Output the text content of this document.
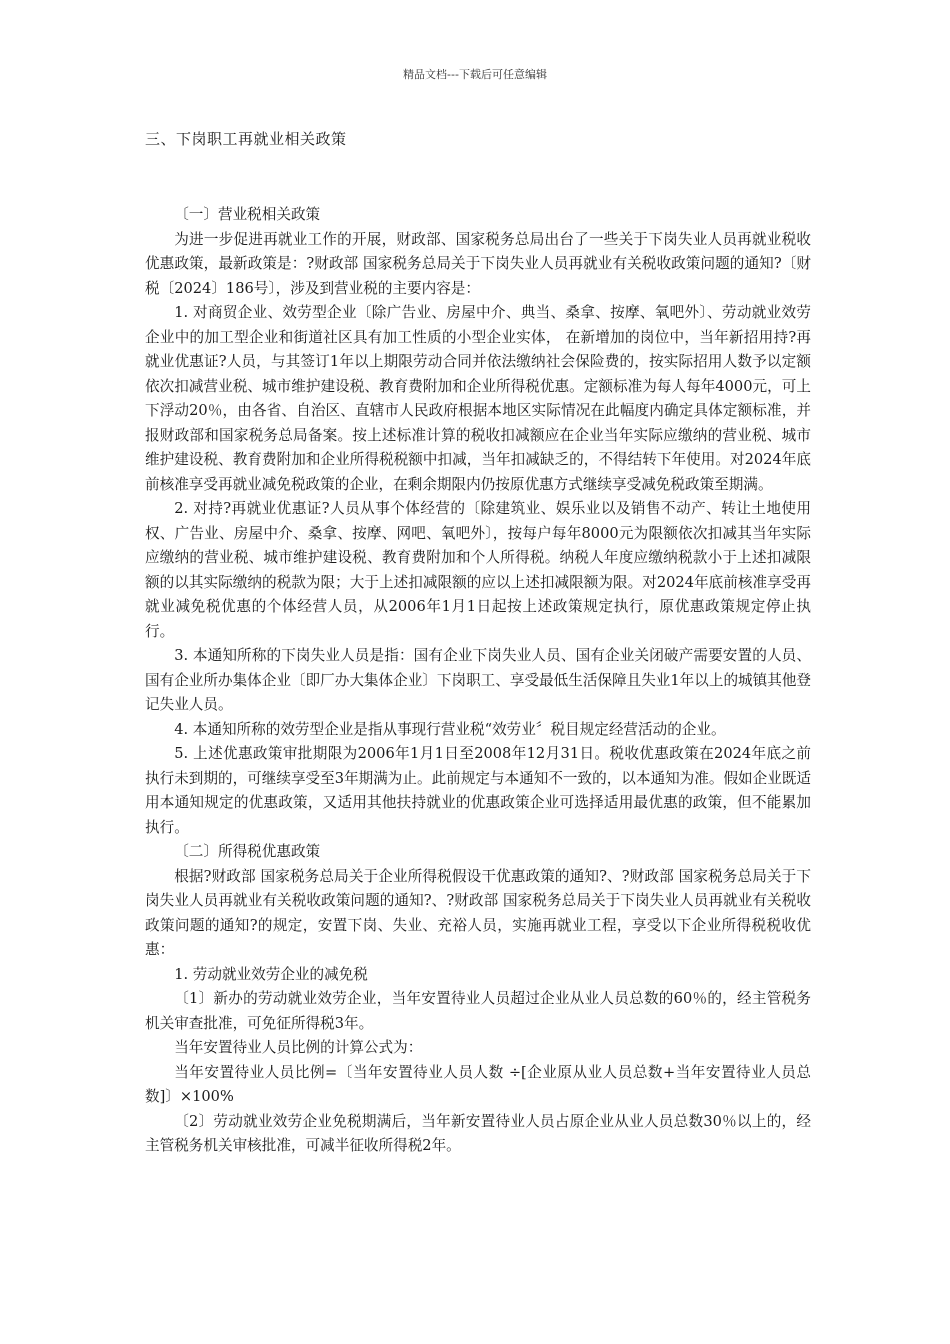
精品文档---下载后可任意编辑
三、下岗职工再就业相关政策

〔一〕营业税相关政策

为进一步促进再就业工作的开展，财政部、国家税务总局出台了一些关于下岗失业人员再就业税收优惠政策，最新政策是：?财政部 国家税务总局关于下岗失业人员再就业有关税收政策问题的通知?〔财税〔2024〕186号〕，涉及到营业税的主要内容是：

1. 对商贸企业、效劳型企业〔除广告业、房屋中介、典当、桑拿、按摩、氧吧外〕、劳动就业效劳企业中的加工型企业和街道社区具有加工性质的小型企业实体， 在新增加的岗位中，当年新招用持?再就业优惠证?人员，与其签订1年以上期限劳动合同并依法缴纳社会保险费的，按实际招用人数予以定额依次扣减营业税、城市维护建设税、教育费附加和企业所得税优惠。定额标准为每人每年4000元，可上下浮动20％，由各省、自治区、直辖市人民政府根据本地区实际情况在此幅度内确定具体定额标准，并报财政部和国家税务总局备案。按上述标准计算的税收扣减额应在企业当年实际应缴纳的营业税、城市维护建设税、教育费附加和企业所得税税额中扣减，当年扣减缺乏的，不得结转下年使用。对2024年底前核准享受再就业减免税政策的企业，在剩余期限内仍按原优惠方式继续享受减免税政策至期满。

2. 对持?再就业优惠证?人员从事个体经营的〔除建筑业、娱乐业以及销售不动产、转让土地使用权、广告业、房屋中介、桑拿、按摩、网吧、氧吧外〕，按每户每年8000元为限额依次扣减其当年实际应缴纳的营业税、城市维护建设税、教育费附加和个人所得税。纳税人年度应缴纳税款小于上述扣减限额的以其实际缴纳的税款为限；大于上述扣减限额的应以上述扣减限额为限。对2024年底前核准享受再就业减免税优惠的个体经营人员，从2006年1月1日起按上述政策规定执行，原优惠政策规定停止执行。

3. 本通知所称的下岗失业人员是指：国有企业下岗失业人员、国有企业关闭破产需要安置的人员、国有企业所办集体企业〔即厂办大集体企业〕下岗职工、享受最低生活保障且失业1年以上的城镇其他登记失业人员。

4. 本通知所称的效劳型企业是指从事现行营业税“效劳业〞税目规定经营活动的企业。

5. 上述优惠政策审批期限为2006年1月1日至2008年12月31日。税收优惠政策在2024年底之前执行未到期的，可继续享受至3年期满为止。此前规定与本通知不一致的，以本通知为准。假如企业既适用本通知规定的优惠政策，又适用其他扶持就业的优惠政策企业可选择适用最优惠的政策，但不能累加执行。

〔二〕所得税优惠政策

根据?财政部 国家税务总局关于企业所得税假设干优惠政策的通知?、?财政部 国家税务总局关于下岗失业人员再就业有关税收政策问题的通知?、?财政部 国家税务总局关于下岗失业人员再就业有关税收政策问题的通知?的规定，安置下岗、失业、充裕人员，实施再就业工程，享受以下企业所得税税收优惠：

1. 劳动就业效劳企业的减免税

〔1〕新办的劳动就业效劳企业，当年安置待业人员超过企业从业人员总数的60％的，经主管税务机关审查批准，可免征所得税3年。

当年安置待业人员比例的计算公式为：

当年安置待业人员比例=〔当年安置待业人员人数 ÷[企业原从业人员总数+当年安置待业人员总数]〕×100%

〔2〕劳动就业效劳企业免税期满后，当年新安置待业人员占原企业从业人员总数30％以上的，经主管税务机关审核批准，可减半征收所得税2年。
